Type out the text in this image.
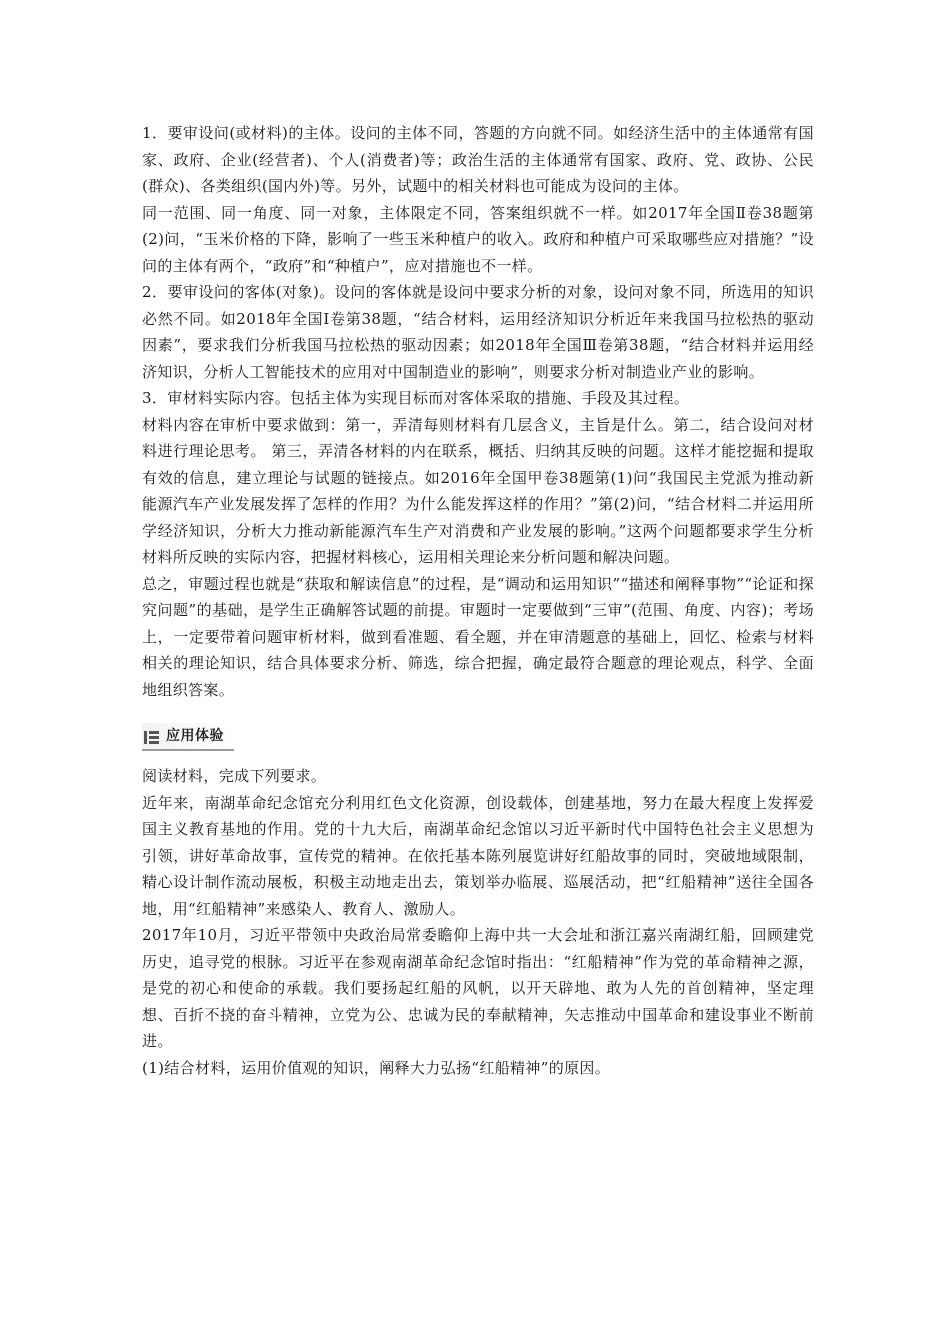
1．要审设问(或材料)的主体。设问的主体不同，答题的方向就不同。如经济生活中的主体通常有国家、政府、企业(经营者)、个人(消费者)等；政治生活的主体通常有国家、政府、党、政协、公民(群众)、各类组织(国内外)等。另外，试题中的相关材料也可能成为设问的主体。

同一范围、同一角度、同一对象，主体限定不同，答案组织就不一样。如2017年全国Ⅱ卷38题第(2)问，“玉米价格的下降，影响了一些玉米种植户的收入。政府和种植户可采取哪些应对措施？”设问的主体有两个，“政府”和“种植户”，应对措施也不一样。

2．要审设问的客体(对象)。设问的客体就是设问中要求分析的对象，设问对象不同，所选用的知识必然不同。如2018年全国Ⅰ卷第38题，“结合材料，运用经济知识分析近年来我国马拉松热的驱动因素”，要求我们分析我国马拉松热的驱动因素；如2018年全国Ⅲ卷第38题，“结合材料并运用经济知识，分析人工智能技术的应用对中国制造业的影响”，则要求分析对制造业产业的影响。

3．审材料实际内容。包括主体为实现目标而对客体采取的措施、手段及其过程。

材料内容在审析中要求做到：第一，弄清每则材料有几层含义，主旨是什么。第二，结合设问对材料进行理论思考。 第三，弄清各材料的内在联系，概括、归纳其反映的问题。这样才能挖掘和提取有效的信息，建立理论与试题的链接点。如2016年全国甲卷38题第(1)问“我国民主党派为推动新能源汽车产业发展发挥了怎样的作用？为什么能发挥这样的作用？”第(2)问，“结合材料二并运用所学经济知识，分析大力推动新能源汽车生产对消费和产业发展的影响。”这两个问题都要求学生分析材料所反映的实际内容，把握材料核心，运用相关理论来分析问题和解决问题。

总之，审题过程也就是“获取和解读信息”的过程，是“调动和运用知识”“描述和阐释事物”“论证和探究问题”的基础，是学生正确解答试题的前提。审题时一定要做到“三审”(范围、角度、内容)；考场上，一定要带着问题审析材料，做到看准题、看全题，并在审清题意的基础上，回忆、检索与材料相关的理论知识，结合具体要求分析、筛选，综合把握，确定最符合题意的理论观点，科学、全面地组织答案。

应用体验

阅读材料，完成下列要求。

近年来，南湖革命纪念馆充分利用红色文化资源，创设载体，创建基地，努力在最大程度上发挥爱国主义教育基地的作用。党的十九大后，南湖革命纪念馆以习近平新时代中国特色社会主义思想为引领，讲好革命故事，宣传党的精神。在依托基本陈列展览讲好红船故事的同时，突破地域限制，精心设计制作流动展板，积极主动地走出去，策划举办临展、巡展活动，把“红船精神”送往全国各地，用“红船精神”来感染人、教育人、激励人。

2017年10月，习近平带领中央政治局常委瞻仰上海中共一大会址和浙江嘉兴南湖红船，回顾建党历史，追寻党的根脉。习近平在参观南湖革命纪念馆时指出：“红船精神”作为党的革命精神之源，是党的初心和使命的承载。我们要扬起红船的风帆，以开天辟地、敢为人先的首创精神，坚定理想、百折不挠的奋斗精神，立党为公、忠诚为民的奉献精神，矢志推动中国革命和建设事业不断前进。

(1)结合材料，运用价值观的知识，阐释大力弘扬“红船精神”的原因。
